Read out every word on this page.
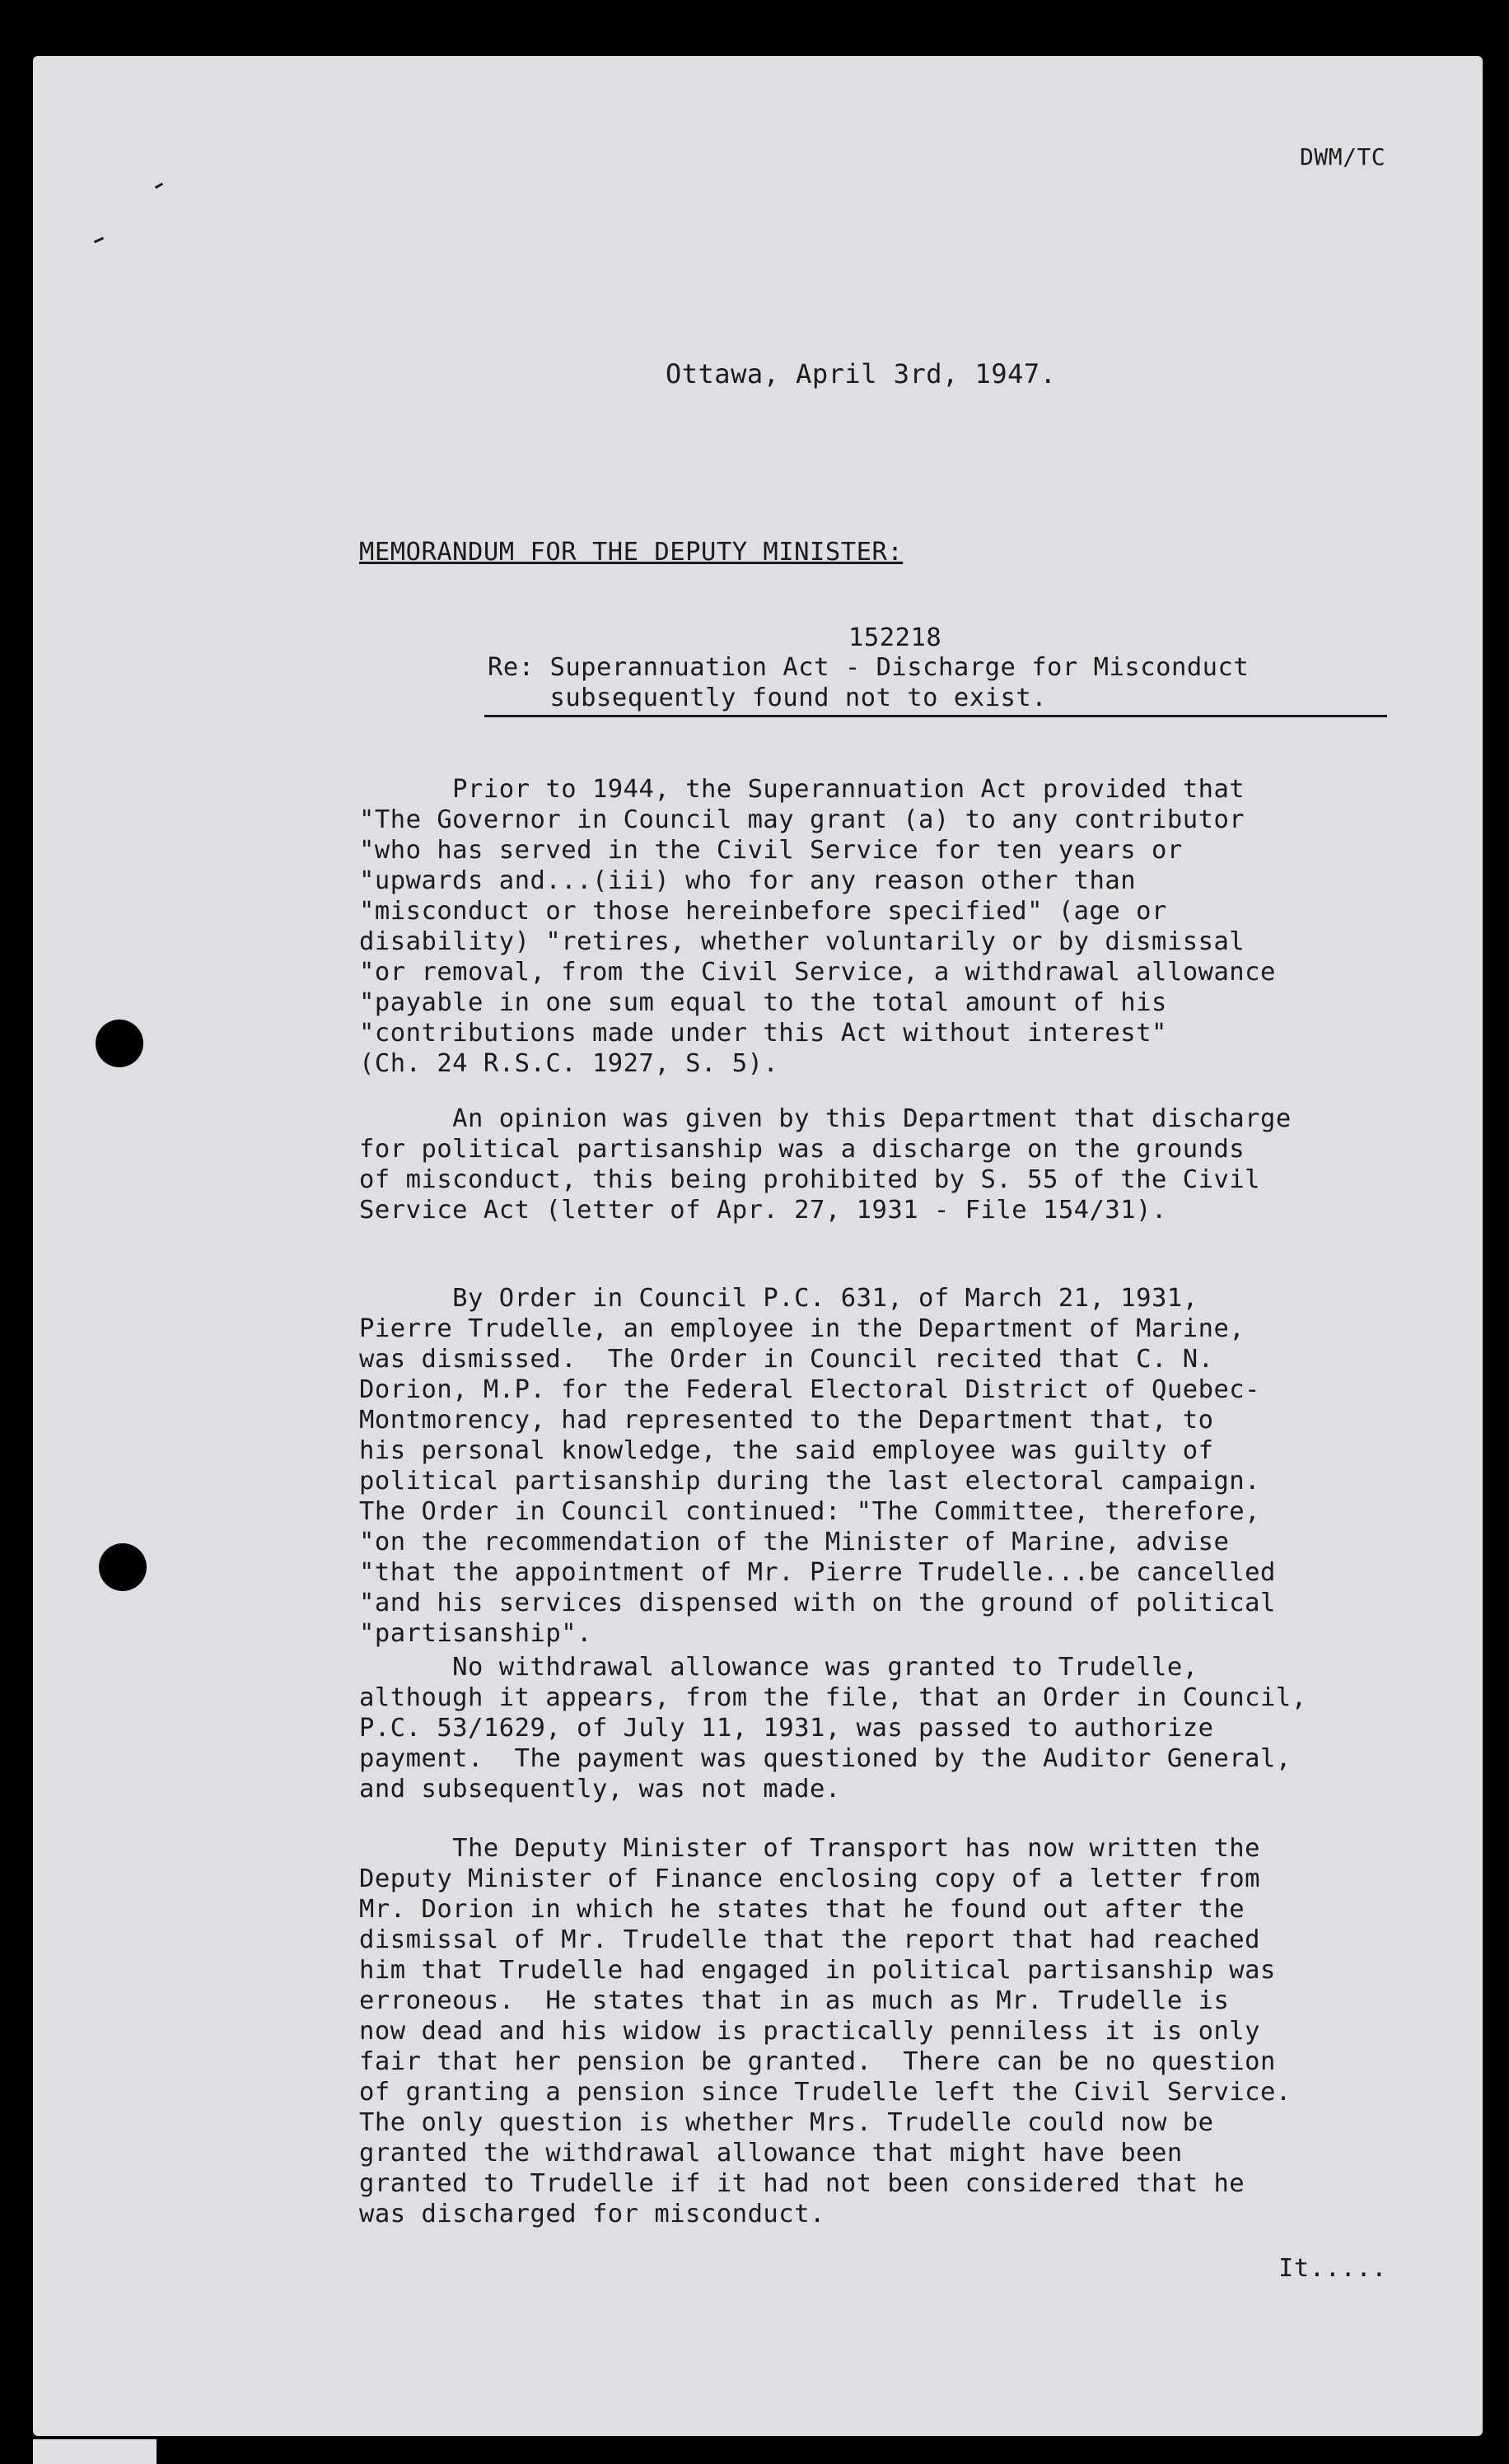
DWM/TC
Ottawa, April 3rd, 1947.
MEMORANDUM FOR THE DEPUTY MINISTER:
152218
Re: Superannuation Act - Discharge for Misconduct
subsequently found not to exist.
Prior to 1944, the Superannuation Act provided that
"The Governor in Council may grant (a) to any contributor
"who has served in the Civil Service for ten years or
"upwards and...(iii) who for any reason other than
"misconduct or those hereinbefore specified" (age or
disability) "retires, whether voluntarily or by dismissal
"or removal, from the Civil Service, a withdrawal allowance
"payable in one sum equal to the total amount of his
"contributions made under this Act without interest"
(Ch. 24 R.S.C. 1927, S. 5).
An opinion was given by this Department that discharge
for political partisanship was a discharge on the grounds
of misconduct, this being prohibited by S. 55 of the Civil
Service Act (letter of Apr. 27, 1931 - File 154/31).
By Order in Council P.C. 631, of March 21, 1931,
Pierre Trudelle, an employee in the Department of Marine,
was dismissed.  The Order in Council recited that C. N.
Dorion, M.P. for the Federal Electoral District of Quebec-
Montmorency, had represented to the Department that, to
his personal knowledge, the said employee was guilty of
political partisanship during the last electoral campaign.
The Order in Council continued: "The Committee, therefore,
"on the recommendation of the Minister of Marine, advise
"that the appointment of Mr. Pierre Trudelle...be cancelled
"and his services dispensed with on the ground of political
"partisanship".
No withdrawal allowance was granted to Trudelle,
although it appears, from the file, that an Order in Council,
P.C. 53/1629, of July 11, 1931, was passed to authorize
payment.  The payment was questioned by the Auditor General,
and subsequently, was not made.
The Deputy Minister of Transport has now written the
Deputy Minister of Finance enclosing copy of a letter from
Mr. Dorion in which he states that he found out after the
dismissal of Mr. Trudelle that the report that had reached
him that Trudelle had engaged in political partisanship was
erroneous.  He states that in as much as Mr. Trudelle is
now dead and his widow is practically penniless it is only
fair that her pension be granted.  There can be no question
of granting a pension since Trudelle left the Civil Service.
The only question is whether Mrs. Trudelle could now be
granted the withdrawal allowance that might have been
granted to Trudelle if it had not been considered that he
was discharged for misconduct.
It.....
